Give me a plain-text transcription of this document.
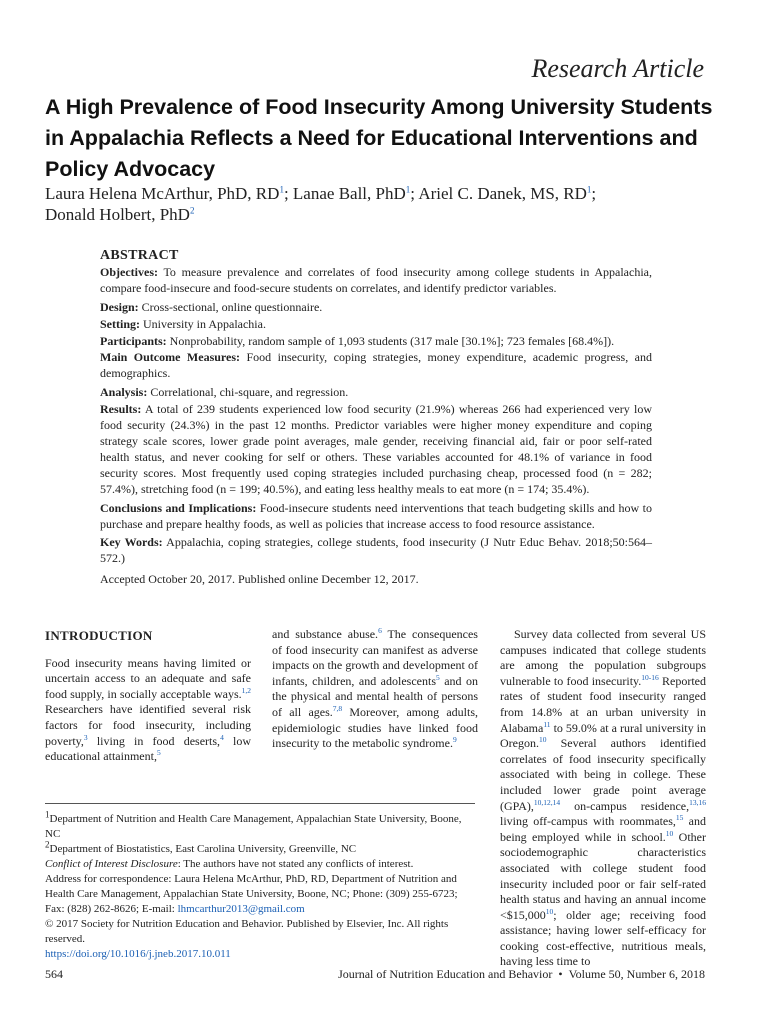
Research Article
A High Prevalence of Food Insecurity Among University Students in Appalachia Reflects a Need for Educational Interventions and Policy Advocacy
Laura Helena McArthur, PhD, $RD^1$; Lanae Ball, PhD$^1$; Ariel C. Danek, MS, $RD^1$;
Donald Holbert, PhD$^2$
ABSTRACT

Objectives: To measure prevalence and correlates of food insecurity among college students in Appalachia, compare food-insecure and food-secure students on correlates, and identify predictor variables.

Design: Cross-sectional, online questionnaire.

Setting: University in Appalachia.

Participants: Nonprobability, random sample of 1,093 students (317 male [30.1%]; 723 females [68.4%]).

Main Outcome Measures: Food insecurity, coping strategies, money expenditure, academic progress, and demographics.

Analysis: Correlational, chi-square, and regression.

Results: A total of 239 students experienced low food security (21.9%) whereas 266 had experienced very low food security (24.3%) in the past 12 months. Predictor variables were higher money expenditure and coping strategy scale scores, lower grade point averages, male gender, receiving financial aid, fair or poor self-rated health status, and never cooking for self or others. These variables accounted for 48.1% of variance in food security scores. Most frequently used coping strategies included purchasing cheap, processed food (n = 282; 57.4%), stretching food (n = 199; 40.5%), and eating less healthy meals to eat more (n = 174; 35.4%).

Conclusions and Implications: Food-insecure students need interventions that teach budgeting skills and how to purchase and prepare healthy foods, as well as policies that increase access to food resource assistance.

Key Words: Appalachia, coping strategies, college students, food insecurity (J Nutr Educ Behav. 2018;50:564–572.)

Accepted October 20, 2017. Published online December 12, 2017.

INTRODUCTION

Food insecurity means having limited or uncertain access to an adequate and safe food supply, in socially acceptable ways.$^{1,2}$ Researchers have identified several risk factors for food insecurity, including poverty,$^3$ living in food deserts,$^4$ low educational attainment,$^5$

and substance abuse.$^6$ The consequences of food insecurity can manifest as adverse impacts on the growth and development of infants, children, and adolescents$^5$ and on the physical and mental health of persons of all ages.$^{7,8}$ Moreover, among adults, epidemiologic studies have linked food insecurity to the metabolic syndrome.$^9$

Survey data collected from several US campuses indicated that college students are among the population subgroups vulnerable to food insecurity.$^{10-16}$ Reported rates of student food insecurity ranged from 14.8% at an urban university in Alabama$^{11}$ to 59.0% at a rural university in Oregon.$^{10}$ Several authors identified correlates of food insecurity specifically associated with being in college. These included lower grade point average (GPA),$^{10,12,14}$ on-campus residence,$^{13,16}$ living off-campus with roommates,$^{15}$ and being employed while in school.$^{10}$ Other sociodemographic characteristics associated with college student food insecurity included poor or fair self-rated health status and having an annual income <$15,000$^{10}$; older age; receiving food assistance; having lower self-efficacy for cooking cost-effective, nutritious meals, having less time to

$^1$Department of Nutrition and Health Care Management, Appalachian State University, Boone, NC

$^2$Department of Biostatistics, East Carolina University, Greenville, NC

Conflict of Interest Disclosure: The authors have not stated any conflicts of interest.

Address for correspondence: Laura Helena McArthur, PhD, RD, Department of Nutrition and Health Care Management, Appalachian State University, Boone, NC; Phone: (309) 255-6723; Fax: (828) 262-8626; E-mail: lhmcarthur2013@gmail.com

© 2017 Society for Nutrition Education and Behavior. Published by Elsevier, Inc. All rights reserved.

https://doi.org/10.1016/j.jneb.2017.10.011

564	Journal of Nutrition Education and Behavior • Volume 50, Number 6, 2018
